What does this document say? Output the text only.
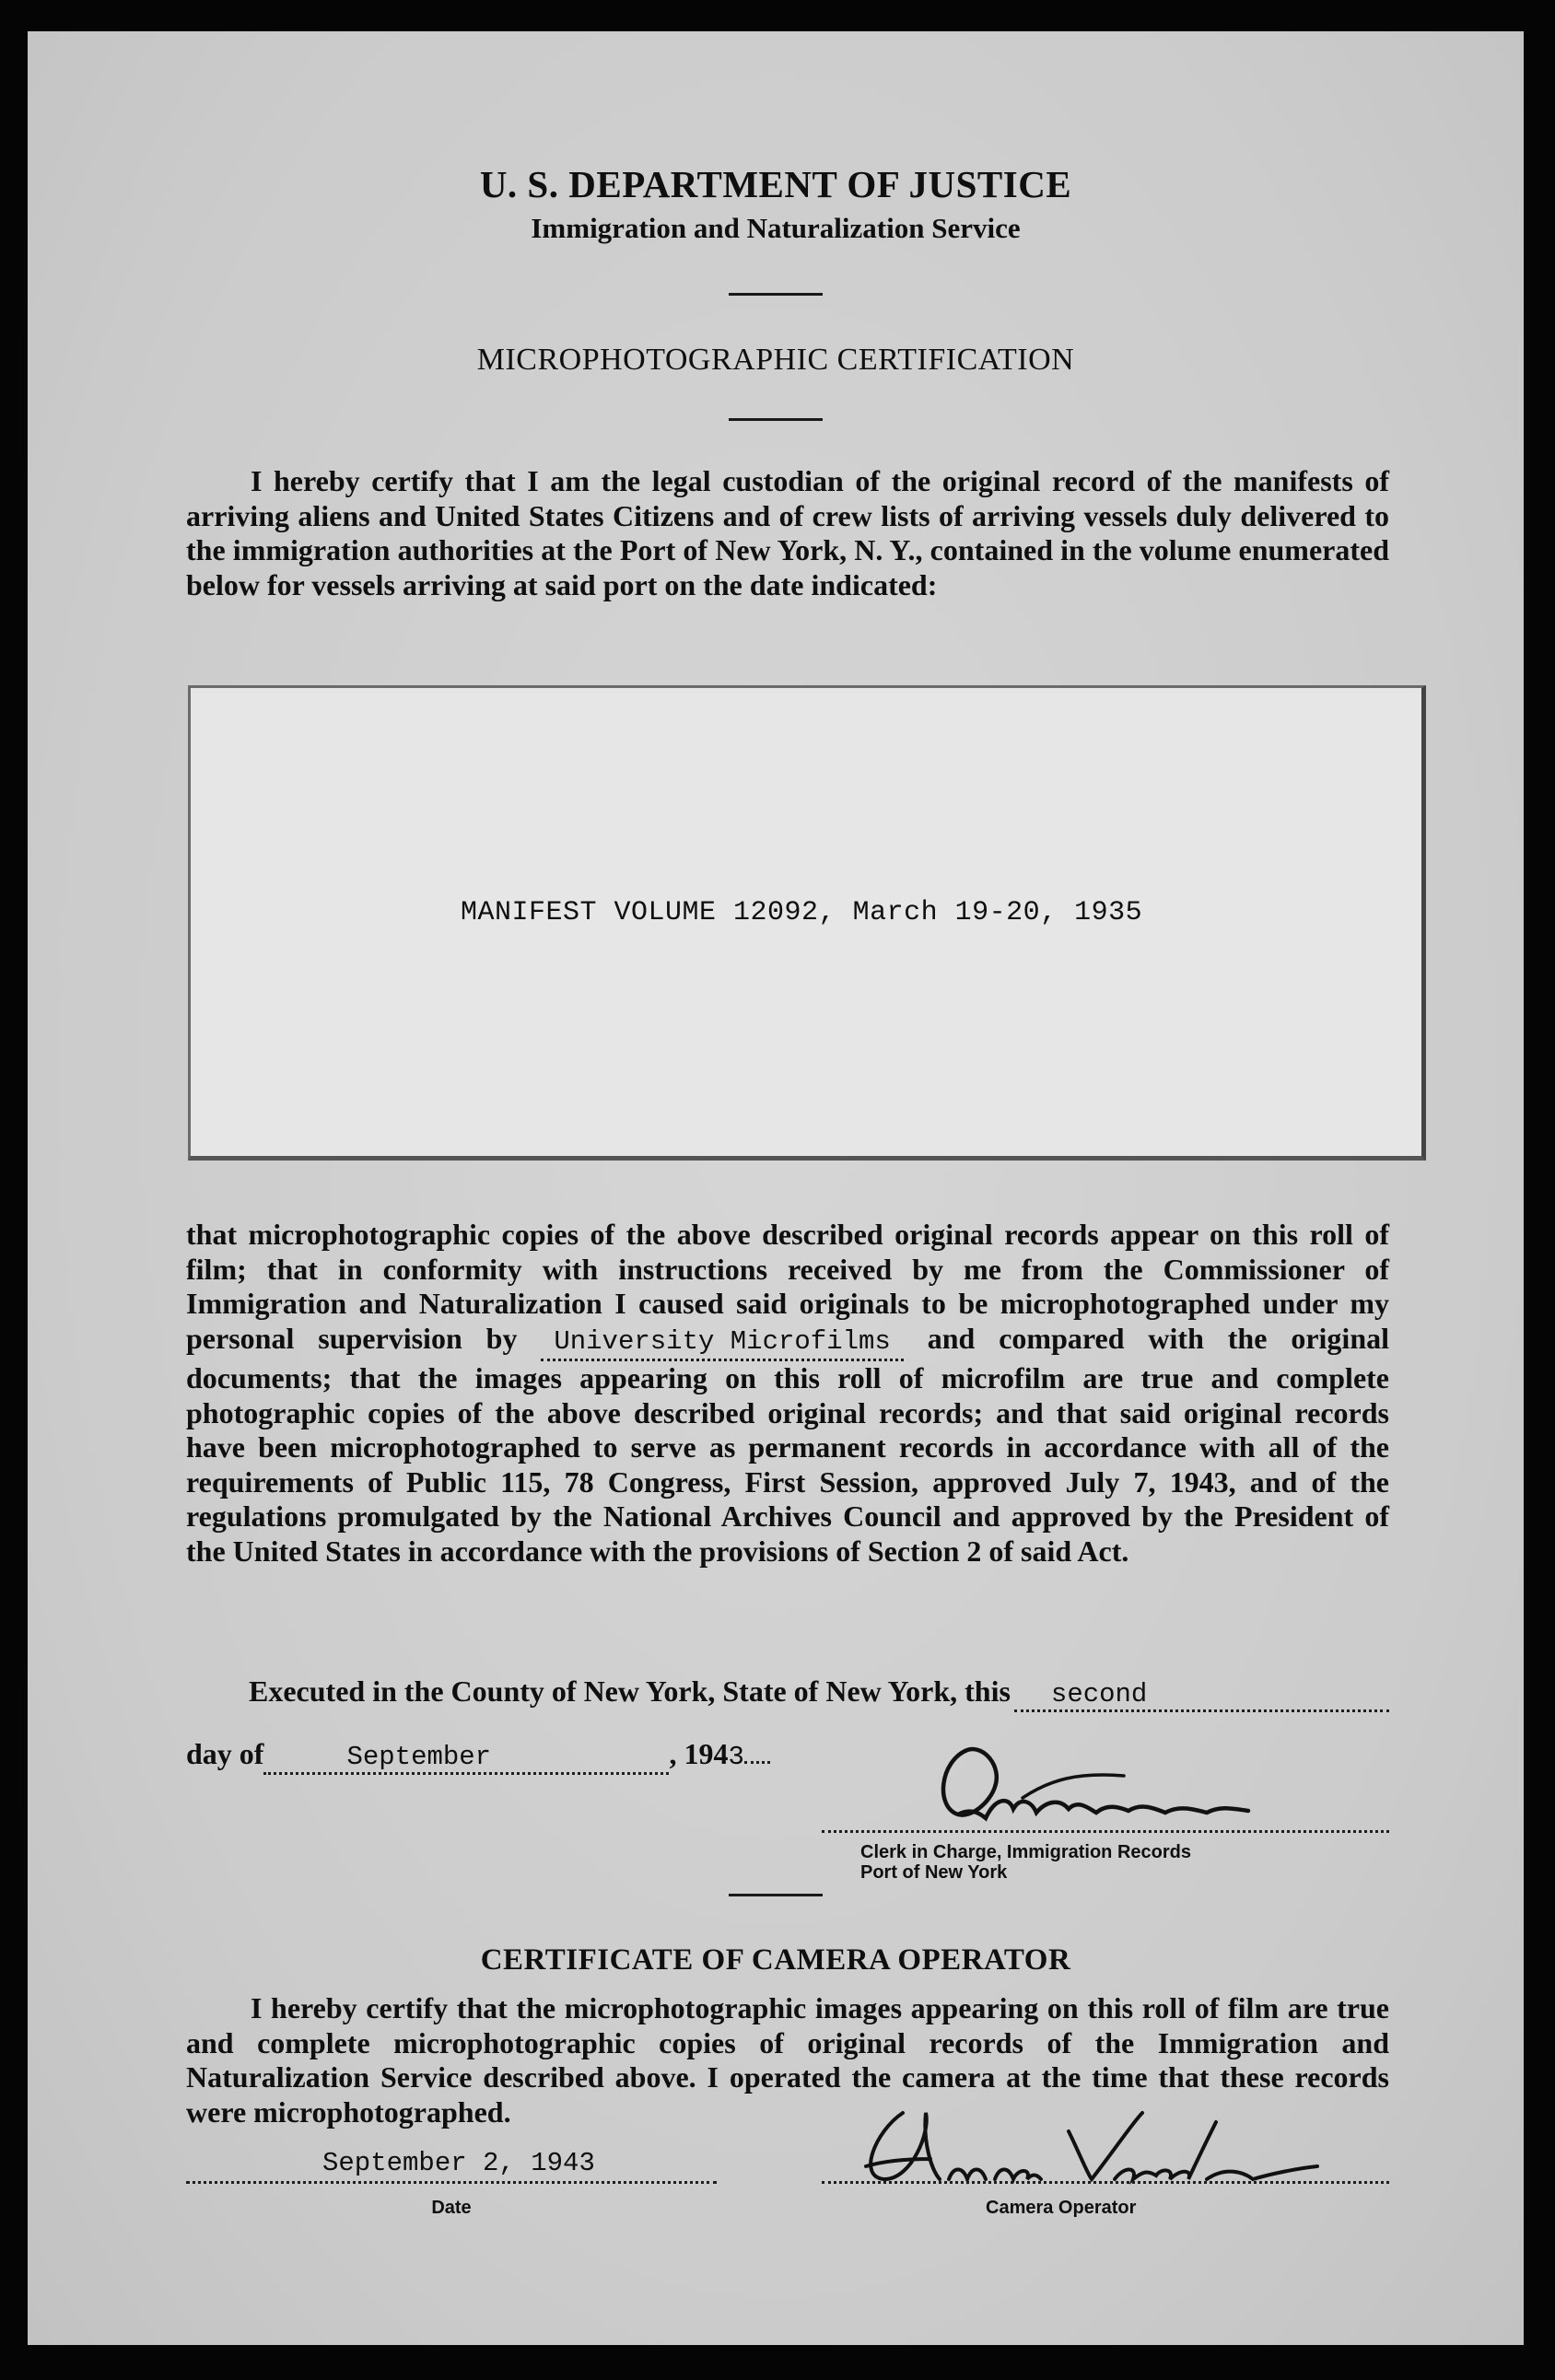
U. S. DEPARTMENT OF JUSTICE
Immigration and Naturalization Service
MICROPHOTOGRAPHIC CERTIFICATION

I hereby certify that I am the legal custodian of the original record of the manifests of arriving aliens and United States Citizens and of crew lists of arriving vessels duly delivered to the immigration authorities at the Port of New York, N. Y., contained in the volume enumerated below for vessels arriving at said port on the date indicated:

MANIFEST VOLUME 12092, March 19-20, 1935

that microphotographic copies of the above described original records appear on this roll of film; that in conformity with instructions received by me from the Commissioner of Immigration and Naturalization I caused said originals to be microphotographed under my personal supervision by University Microfilms and compared with the original documents; that the images appearing on this roll of microfilm are true and complete photographic copies of the above described original records; and that said original records have been microphotographed to serve as permanent records in accordance with all of the requirements of Public 115, 78 Congress, First Session, approved July 7, 1943, and of the regulations promulgated by the National Archives Council and approved by the President of the United States in accordance with the provisions of Section 2 of said Act.

Executed in the County of New York, State of New York, this	second
day of	September	, 194 3
Clerk in Charge, Immigration Records
Port of New York
CERTIFICATE OF CAMERA OPERATOR

I hereby certify that the microphotographic images appearing on this roll of film are true and complete microphotographic copies of original records of the Immigration and Naturalization Service described above. I operated the camera at the time that these records were microphotographed.

September 2, 1943
Date	Camera Operator
